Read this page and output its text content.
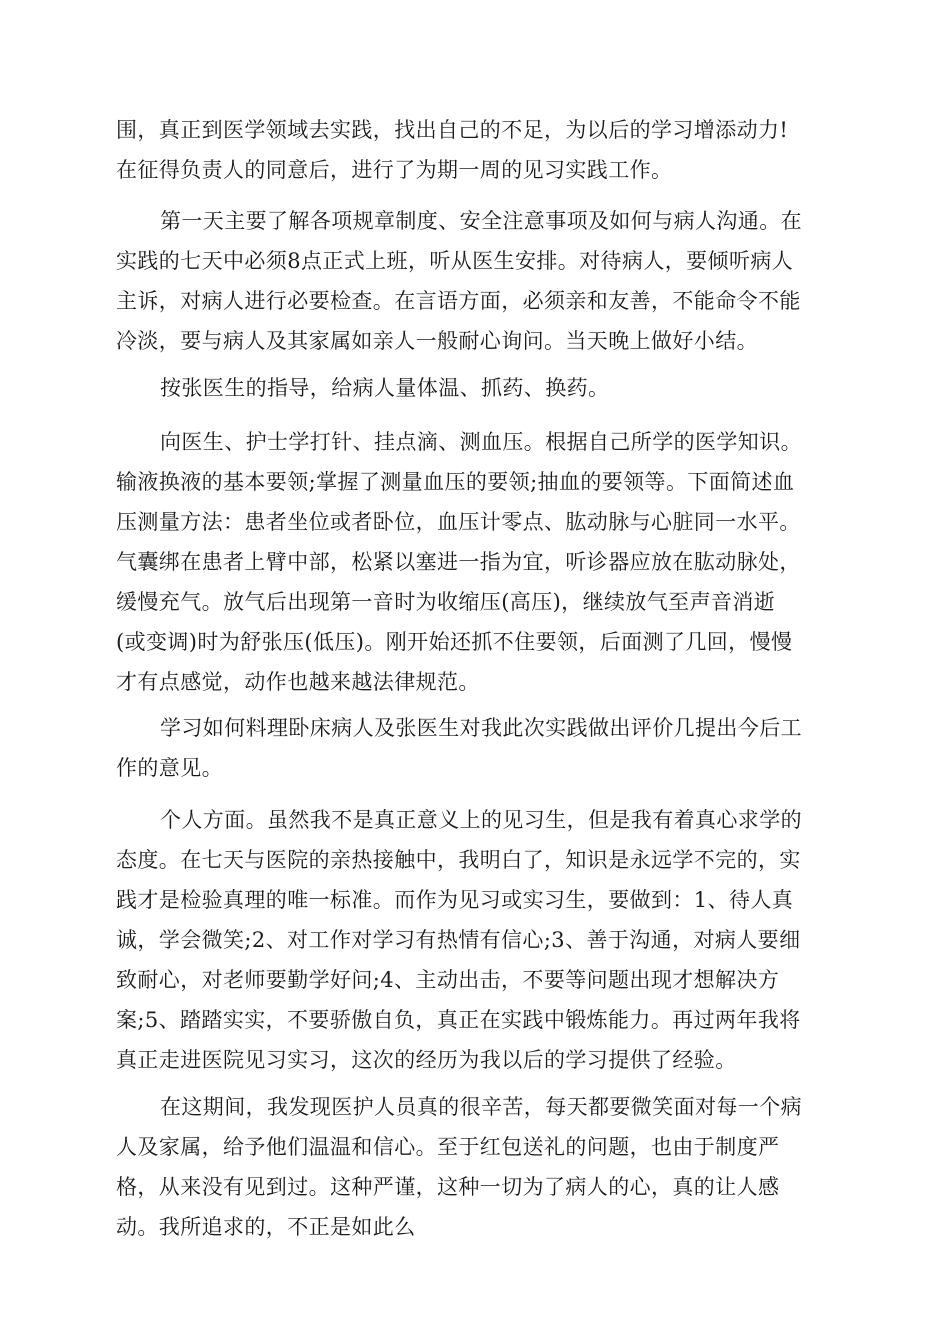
围，真正到医学领域去实践，找出自己的不足，为以后的学习增添动力!
在征得负责人的同意后，进行了为期一周的见习实践工作。
第一天主要了解各项规章制度、安全注意事项及如何与病人沟通。在
实践的七天中必须8点正式上班，听从医生安排。对待病人，要倾听病人
主诉，对病人进行必要检查。在言语方面，必须亲和友善，不能命令不能
冷淡，要与病人及其家属如亲人一般耐心询问。当天晚上做好小结。
按张医生的指导，给病人量体温、抓药、换药。
向医生、护士学打针、挂点滴、测血压。根据自己所学的医学知识。
输液换液的基本要领;掌握了测量血压的要领;抽血的要领等。下面简述血
压测量方法：患者坐位或者卧位，血压计零点、肱动脉与心脏同一水平。
气囊绑在患者上臂中部，松紧以塞进一指为宜，听诊器应放在肱动脉处，
缓慢充气。放气后出现第一音时为收缩压(高压)，继续放气至声音消逝
(或变调)时为舒张压(低压)。刚开始还抓不住要领，后面测了几回，慢慢
才有点感觉，动作也越来越法律规范。
学习如何料理卧床病人及张医生对我此次实践做出评价几提出今后工
作的意见。
个人方面。虽然我不是真正意义上的见习生，但是我有着真心求学的
态度。在七天与医院的亲热接触中，我明白了，知识是永远学不完的，实
践才是检验真理的唯一标准。而作为见习或实习生，要做到：1、待人真
诚，学会微笑;2、对工作对学习有热情有信心;3、善于沟通，对病人要细
致耐心，对老师要勤学好问;4、主动出击，不要等问题出现才想解决方
案;5、踏踏实实，不要骄傲自负，真正在实践中锻炼能力。再过两年我将
真正走进医院见习实习，这次的经历为我以后的学习提供了经验。
在这期间，我发现医护人员真的很辛苦，每天都要微笑面对每一个病
人及家属，给予他们温温和信心。至于红包送礼的问题，也由于制度严
格，从来没有见到过。这种严谨，这种一切为了病人的心，真的让人感
动。我所追求的，不正是如此么
